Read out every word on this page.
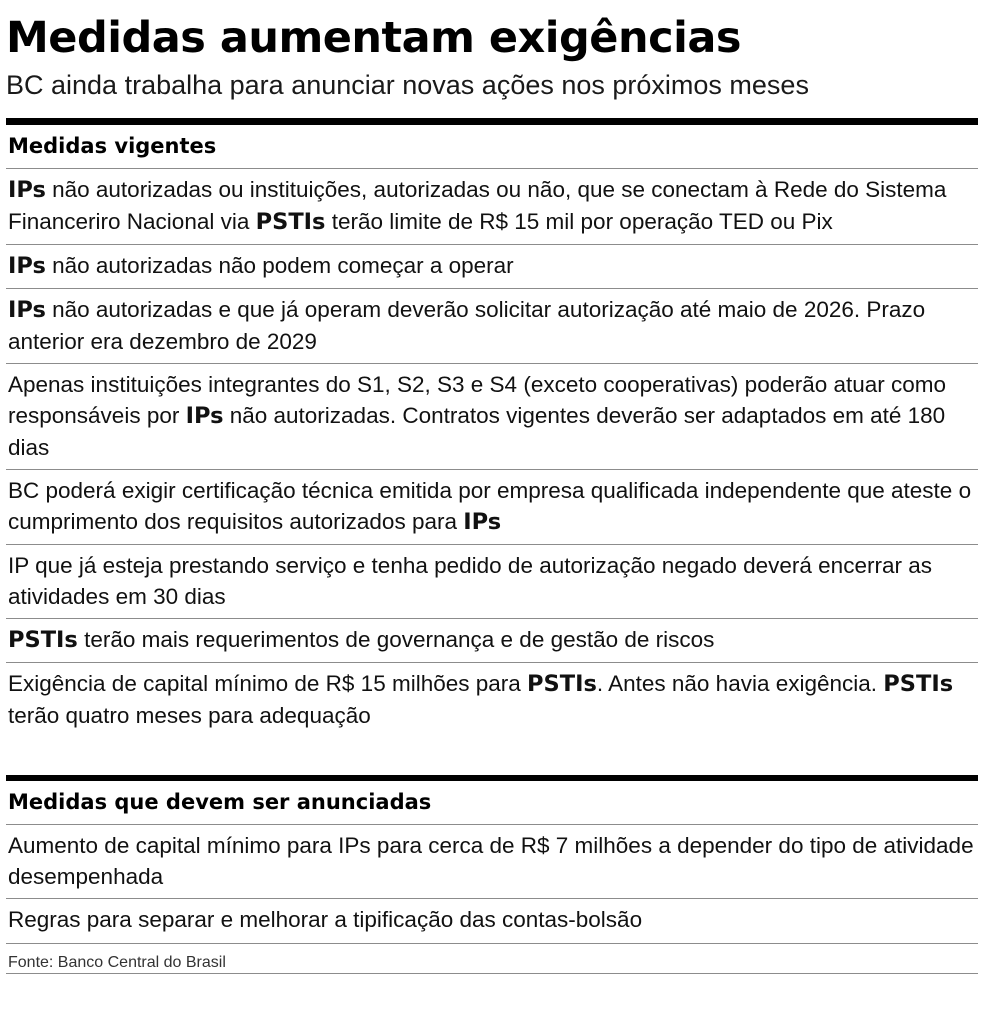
Medidas aumentam exigências
BC ainda trabalha para anunciar novas ações nos próximos meses
Medidas vigentes
IPs não autorizadas ou instituições, autorizadas ou não, que se conectam à Rede do Sistema Financeriro Nacional via PSTIs terão limite de R$ 15 mil por operação TED ou Pix
IPs não autorizadas não podem começar a operar
IPs não autorizadas e que já operam deverão solicitar autorização até maio de 2026. Prazo anterior era dezembro de 2029
Apenas instituições integrantes do S1, S2, S3 e S4 (exceto cooperativas) poderão atuar como responsáveis por IPs não autorizadas. Contratos vigentes deverão ser adaptados em até 180 dias
BC poderá exigir certificação técnica emitida por empresa qualificada independente que ateste o cumprimento dos requisitos autorizados para IPs
IP que já esteja prestando serviço e tenha pedido de autorização negado deverá encerrar as atividades em 30 dias
PSTIs terão mais requerimentos de governança e de gestão de riscos
Exigência de capital mínimo de R$ 15 milhões para PSTIs. Antes não havia exigência. PSTIs terão quatro meses para adequação
Medidas que devem ser anunciadas
Aumento de capital mínimo para IPs para cerca de R$ 7 milhões a depender do tipo de atividade desempenhada
Regras para separar e melhorar a tipificação das contas-bolsão
Fonte: Banco Central do Brasil
